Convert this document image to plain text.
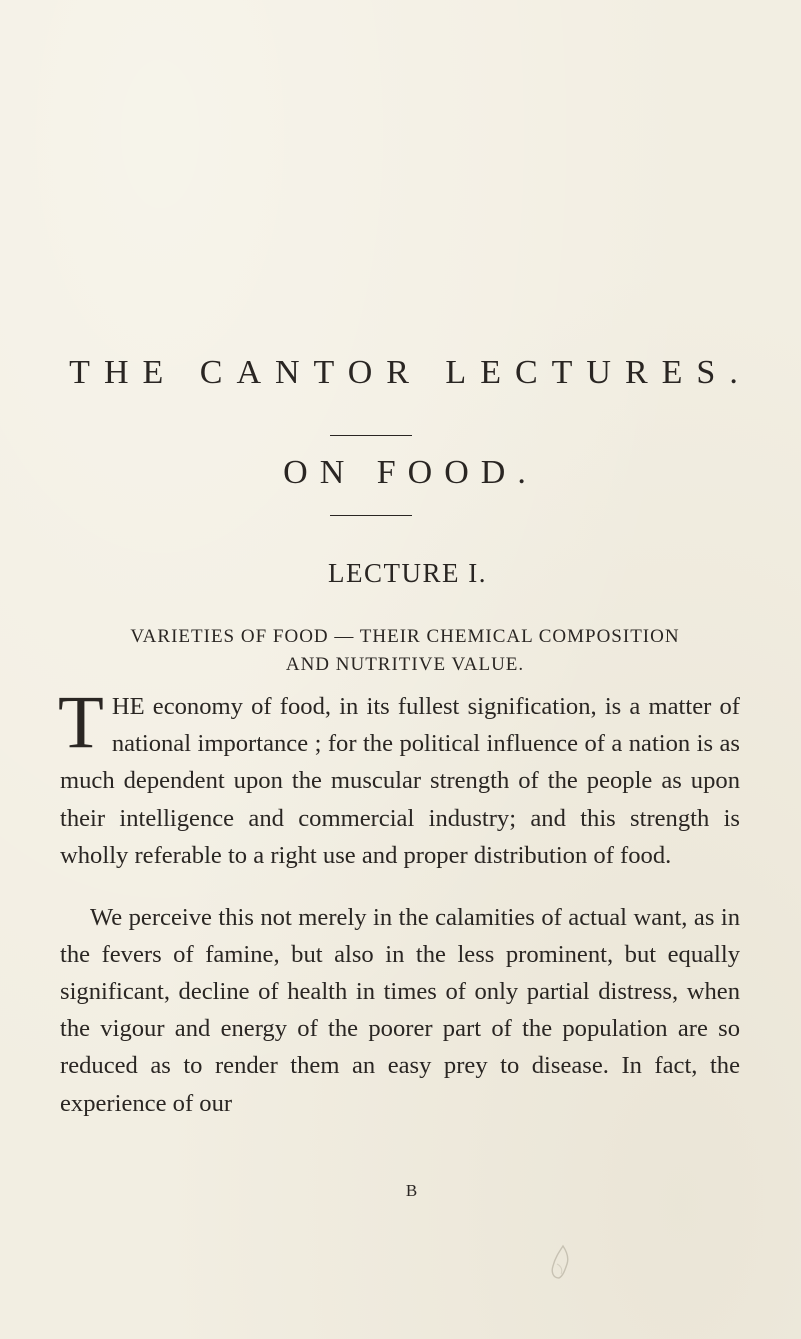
THE CANTOR LECTURES.
ON FOOD.
LECTURE I.
VARIETIES OF FOOD — THEIR CHEMICAL COMPOSITION
AND NUTRITIVE VALUE.
T HE economy of food, in its fullest signification, is a matter of national importance ; for the political influence of a nation is as much dependent upon the muscular strength of the people as upon their intelligence and commercial industry; and this strength is wholly referable to a right use and proper distribution of food.

We perceive this not merely in the calamities of actual want, as in the fevers of famine, but also in the less prominent, but equally significant, decline of health in times of only partial distress, when the vigour and energy of the poorer part of the population are so reduced as to render them an easy prey to disease. In fact, the experience of our

B
